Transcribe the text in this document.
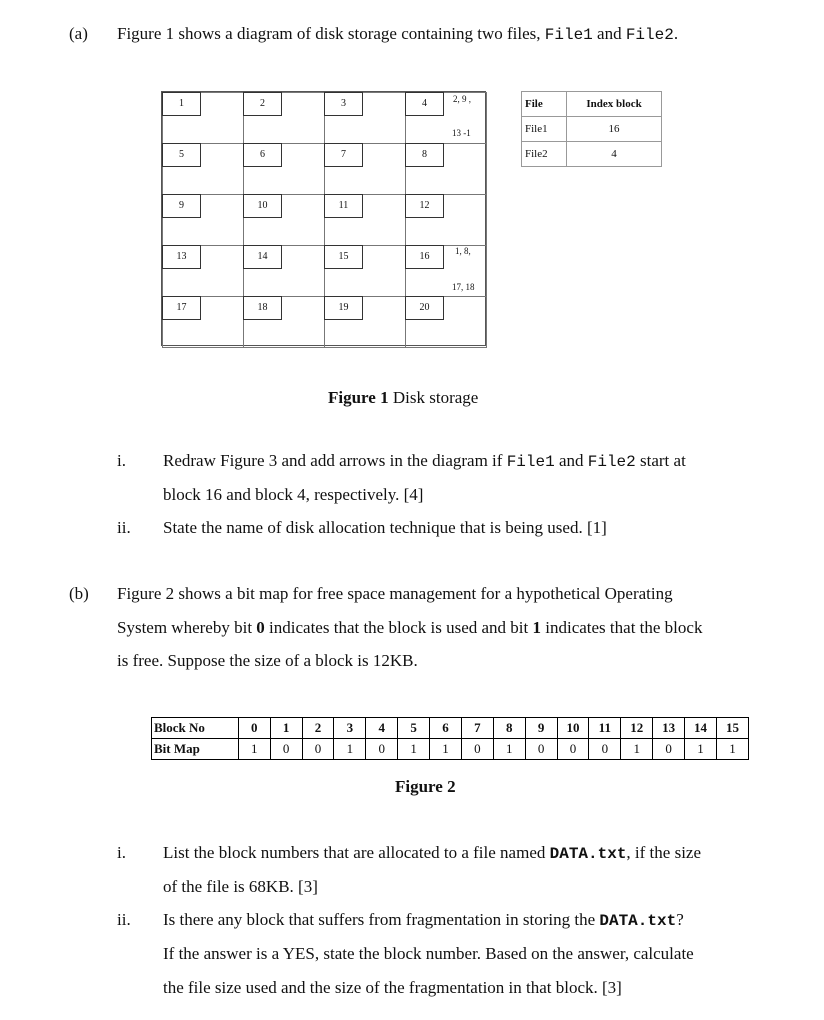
(a) Figure 1 shows a diagram of disk storage containing two files, File1 and File2.
1	2	3	4
5	6	7	8
9	10	11	12
13	14	15	16
17	18	19	20
2, 9 ,
13 -1
1, 8,
17, 18
File	Index block
File1	16
File2	4
Figure 1 Disk storage
i. Redraw Figure 3 and add arrows in the diagram if File1 and File2 start at
block 16 and block 4, respectively. [4]
ii. State the name of disk allocation technique that is being used. [1]
(b) Figure 2 shows a bit map for free space management for a hypothetical Operating
System whereby bit 0 indicates that the block is used and bit 1 indicates that the block
is free. Suppose the size of a block is 12KB.
Block No	0	1	2	3	4	5	6	7	8	9	10	11	12	13	14	15
Bit Map	1	0	0	1	0	1	1	0	1	0	0	0	1	0	1	1
Figure 2
i. List the block numbers that are allocated to a file named DATA.txt, if the size
of the file is 68KB. [3]
ii. Is there any block that suffers from fragmentation in storing the DATA.txt?
If the answer is a YES, state the block number. Based on the answer, calculate
the file size used and the size of the fragmentation in that block. [3]
